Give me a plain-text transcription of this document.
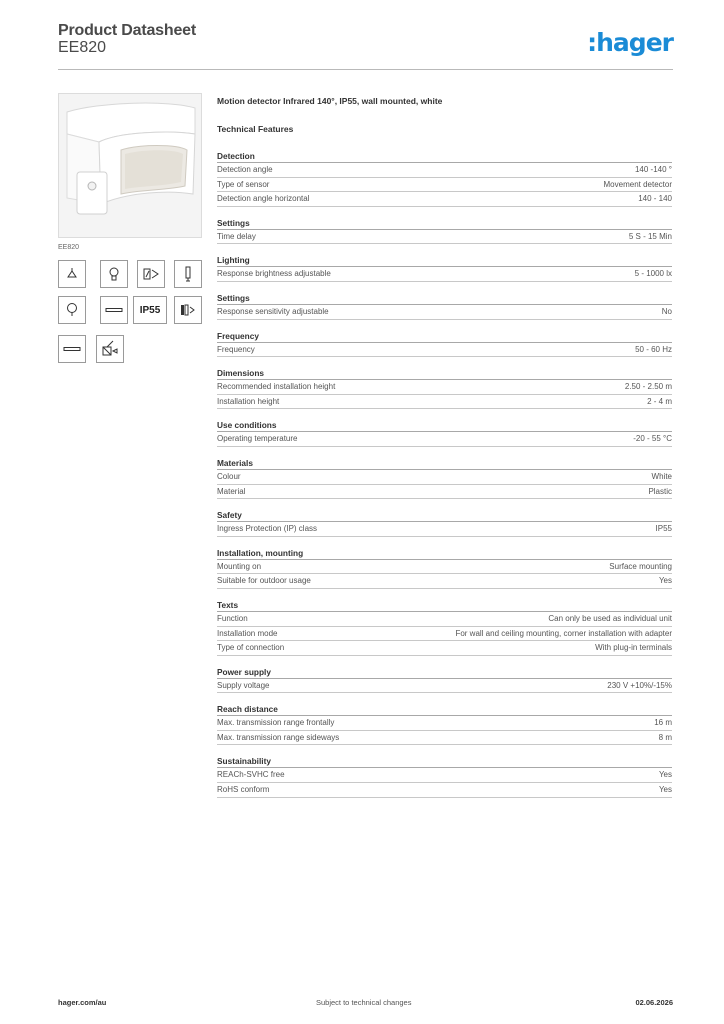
Product Datasheet
EE820	:hager
EE820
IP55
Motion detector Infrared 140°, IP55, wall mounted, white
Technical Features
Detection
Detection angle	140 -140 °
Type of sensor	Movement detector
Detection angle horizontal	140 - 140
Settings
Time delay	5 S - 15 Min
Lighting
Response brightness adjustable	5 - 1000 lx
Settings
Response sensitivity adjustable	No
Frequency
Frequency	50 - 60 Hz
Dimensions
Recommended installation height	2.50 - 2.50 m
Installation height	2 - 4 m
Use conditions
Operating temperature	-20 - 55 °C
Materials
Colour	White
Material	Plastic
Safety
Ingress Protection (IP) class	IP55
Installation, mounting
Mounting on	Surface mounting
Suitable for outdoor usage	Yes
Texts
Function	Can only be used as individual unit
Installation mode	For wall and ceiling mounting, corner installation with adapter
Type of connection	With plug-in terminals
Power supply
Supply voltage	230 V +10%/-15%
Reach distance
Max. transmission range frontally	16 m
Max. transmission range sideways	8 m
Sustainability
REACh-SVHC free	Yes
RoHS conform	Yes
hager.com/au	Subject to technical changes	02.06.2026
